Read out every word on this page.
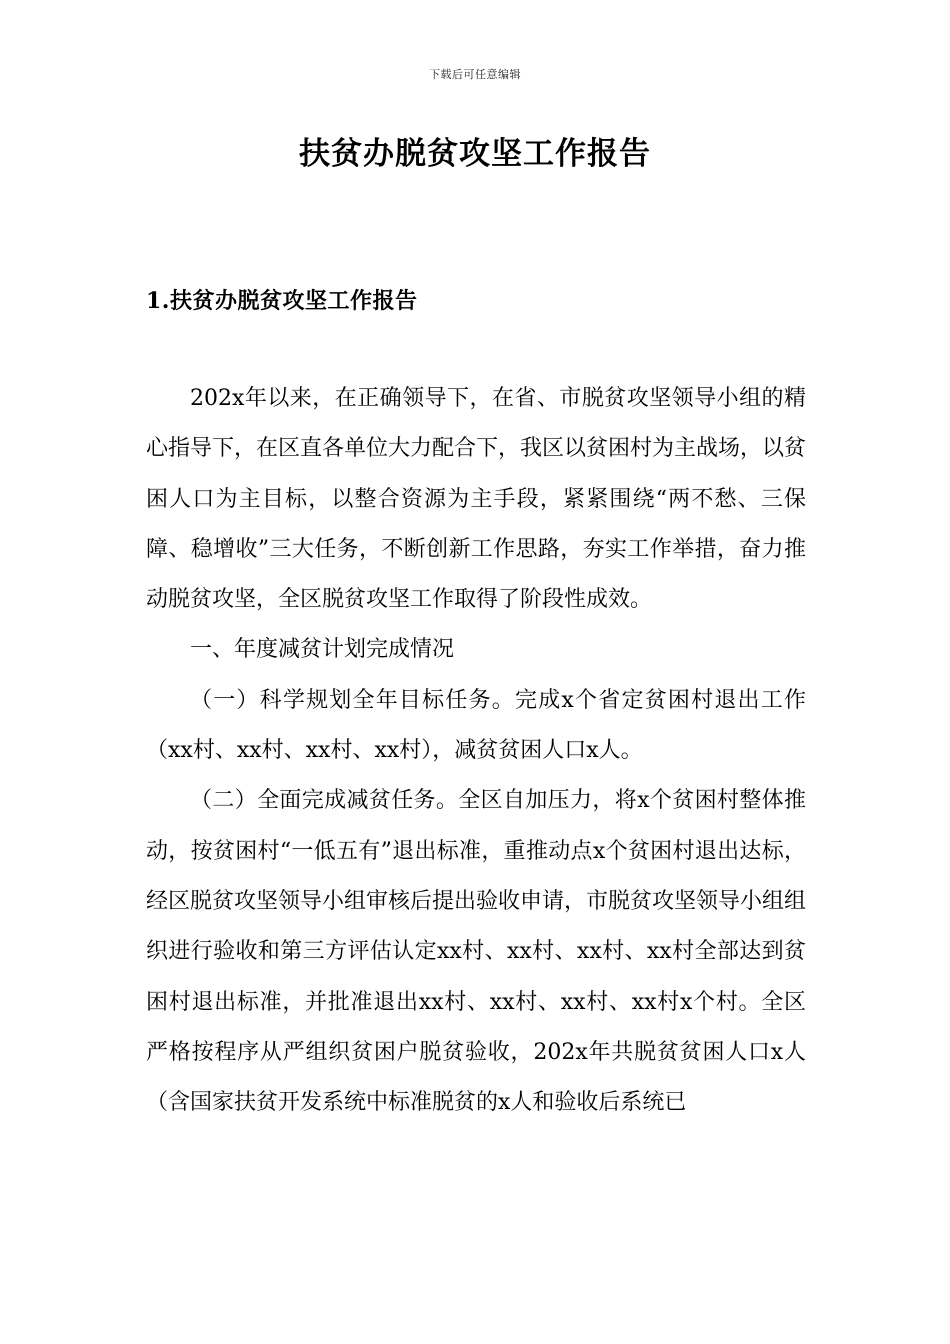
下载后可任意编辑
扶贫办脱贫攻坚工作报告
1.扶贫办脱贫攻坚工作报告

202x年以来，在正确领导下，在省、市脱贫攻坚领导小组的精心指导下，在区直各单位大力配合下，我区以贫困村为主战场，以贫困人口为主目标，以整合资源为主手段，紧紧围绕“两不愁、三保障、稳增收”三大任务，不断创新工作思路，夯实工作举措，奋力推动脱贫攻坚，全区脱贫攻坚工作取得了阶段性成效。

一、年度减贫计划完成情况

（一）科学规划全年目标任务。完成x个省定贫困村退出工作（xx村、xx村、xx村、xx村），减贫贫困人口x人。

（二）全面完成减贫任务。全区自加压力，将x个贫困村整体推动，按贫困村“一低五有”退出标准，重推动点x个贫困村退出达标，经区脱贫攻坚领导小组审核后提出验收申请，市脱贫攻坚领导小组组织进行验收和第三方评估认定xx村、xx村、xx村、xx村全部达到贫困村退出标准，并批准退出xx村、xx村、xx村、xx村x个村。全区严格按程序从严组织贫困户脱贫验收，202x年共脱贫贫困人口x人（含国家扶贫开发系统中标准脱贫的x人和验收后系统已
